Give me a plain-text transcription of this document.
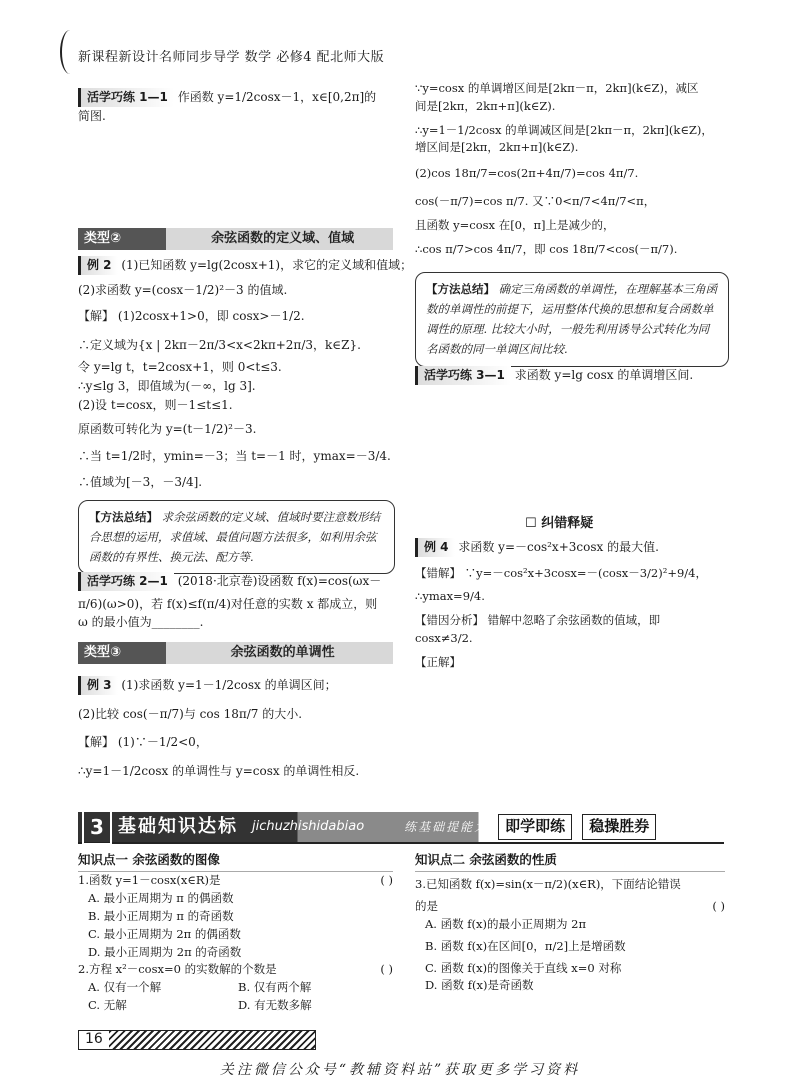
新课程新设计名师同步导学 数学 必修4 配北师大版
活学巧练 1—1 作函数 y=1/2cosx－1，x∈[0,2π]的
简图.
类型②	余弦函数的定义域、值域
例 2 (1)已知函数 y=lg(2cosx+1)，求它的定义域和值域；
(2)求函数 y=(cosx－1/2)²－3 的值域.
【解】 (1)2cosx+1>0，即 cosx>－1/2.
∴定义域为{x | 2kπ－2π/3<x<2kπ+2π/3，k∈Z}.
令 y=lg t，t=2cosx+1，则 0<t≤3.
∴y≤lg 3，即值域为(－∞，lg 3].
(2)设 t=cosx，则－1≤t≤1.
原函数可转化为 y=(t－1/2)²－3.
∴当 t=1/2时，ymin=－3；当 t=－1 时，ymax=－3/4.
∴值域为[－3，－3/4].
【方法总结】 求余弦函数的定义域、值域时要注意数形结合思想的运用，求值域、最值问题方法很多，如利用余弦函数的有界性、换元法、配方等.
活学巧练 2—1 (2018·北京卷)设函数 f(x)=cos(ωx－
π/6)(ω>0)，若 f(x)≤f(π/4)对任意的实数 x 都成立，则
ω 的最小值为________.
类型③	余弦函数的单调性
例 3 (1)求函数 y=1－1/2cosx 的单调区间；
(2)比较 cos(－π/7)与 cos 18π/7 的大小.
【解】 (1)∵－1/2<0，
∴y=1－1/2cosx 的单调性与 y=cosx 的单调性相反.
∵y=cosx 的单调增区间是[2kπ－π，2kπ](k∈Z)，减区
间是[2kπ，2kπ+π](k∈Z).
∴y=1－1/2cosx 的单调减区间是[2kπ－π，2kπ](k∈Z)，
增区间是[2kπ，2kπ+π](k∈Z).
(2)cos 18π/7=cos(2π+4π/7)=cos 4π/7.
cos(－π/7)=cos π/7. 又∵0<π/7<4π/7<π，
且函数 y=cosx 在[0，π]上是减少的，
∴cos π/7>cos 4π/7，即 cos 18π/7<cos(－π/7).
【方法总结】 确定三角函数的单调性，在理解基本三角函数的单调性的前提下，运用整体代换的思想和复合函数单调性的原理. 比较大小时，一般先利用诱导公式转化为同名函数的同一单调区间比较.
活学巧练 3—1 求函数 y=lg cosx 的单调增区间.
☐ 纠错释疑
例 4 求函数 y=－cos²x+3cosx 的最大值.
【错解】 ∵y=－cos²x+3cosx=－(cosx－3/2)²+9/4，
∴ymax=9/4.
【错因分析】 错解中忽略了余弦函数的值域，即
cosx≠3/2.
【正解】
3 基础知识达标 jichuzhishidabiao	练基础提能力	即学即练	稳操胜券
知识点一 余弦函数的图像
1.函数 y=1－cosx(x∈R)是	( )
A. 最小正周期为 π 的偶函数
B. 最小正周期为 π 的奇函数
C. 最小正周期为 2π 的偶函数
D. 最小正周期为 2π 的奇函数
2.方程 x²－cosx=0 的实数解的个数是	( )
A. 仅有一个解	B. 仅有两个解
C. 无解	D. 有无数多解
知识点二 余弦函数的性质
3.已知函数 f(x)=sin(x－π/2)(x∈R)，下面结论错误
的是	( )
A. 函数 f(x)的最小正周期为 2π
B. 函数 f(x)在区间[0，π/2]上是增函数
C. 函数 f(x)的图像关于直线 x=0 对称
D. 函数 f(x)是奇函数
16
关注微信公众号“教辅资料站”获取更多学习资料
